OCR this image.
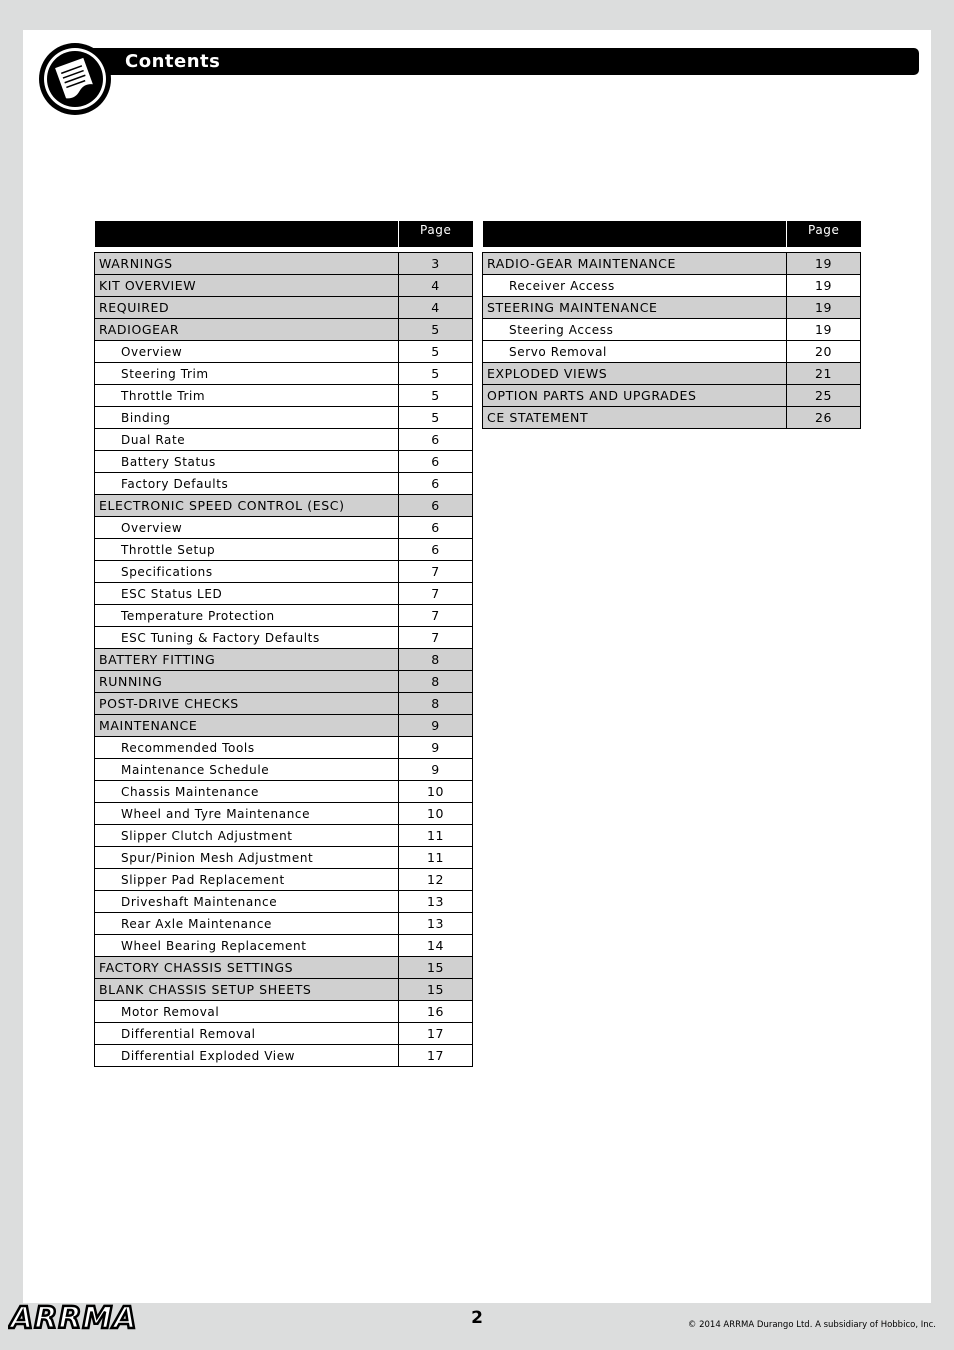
Contents
	Page

WARNINGS	3
KIT OVERVIEW	4
REQUIRED	4
RADIOGEAR	5
Overview	5
Steering Trim	5
Throttle Trim	5
Binding	5
Dual Rate	6
Battery Status	6
Factory Defaults	6
ELECTRONIC SPEED CONTROL (ESC)	6
Overview	6
Throttle Setup	6
Specifications	7
ESC Status LED	7
Temperature Protection	7
ESC Tuning & Factory Defaults	7
BATTERY FITTING	8
RUNNING	8
POST-DRIVE CHECKS	8
MAINTENANCE	9
Recommended Tools	9
Maintenance Schedule	9
Chassis Maintenance	10
Wheel and Tyre Maintenance	10
Slipper Clutch Adjustment	11
Spur/Pinion Mesh Adjustment	11
Slipper Pad Replacement	12
Driveshaft Maintenance	13
Rear Axle Maintenance	13
Wheel Bearing Replacement	14
FACTORY CHASSIS SETTINGS	15
BLANK CHASSIS SETUP SHEETS	15
Motor Removal	16
Differential Removal	17
Differential Exploded View	17
	Page

RADIO-GEAR MAINTENANCE	19
Receiver Access	19
STEERING MAINTENANCE	19
Steering Access	19
Servo Removal	20
EXPLODED VIEWS	21
OPTION PARTS AND UPGRADES	25
CE STATEMENT	26
ARRMA	2	© 2014 ARRMA Durango Ltd. A subsidiary of Hobbico, Inc.
